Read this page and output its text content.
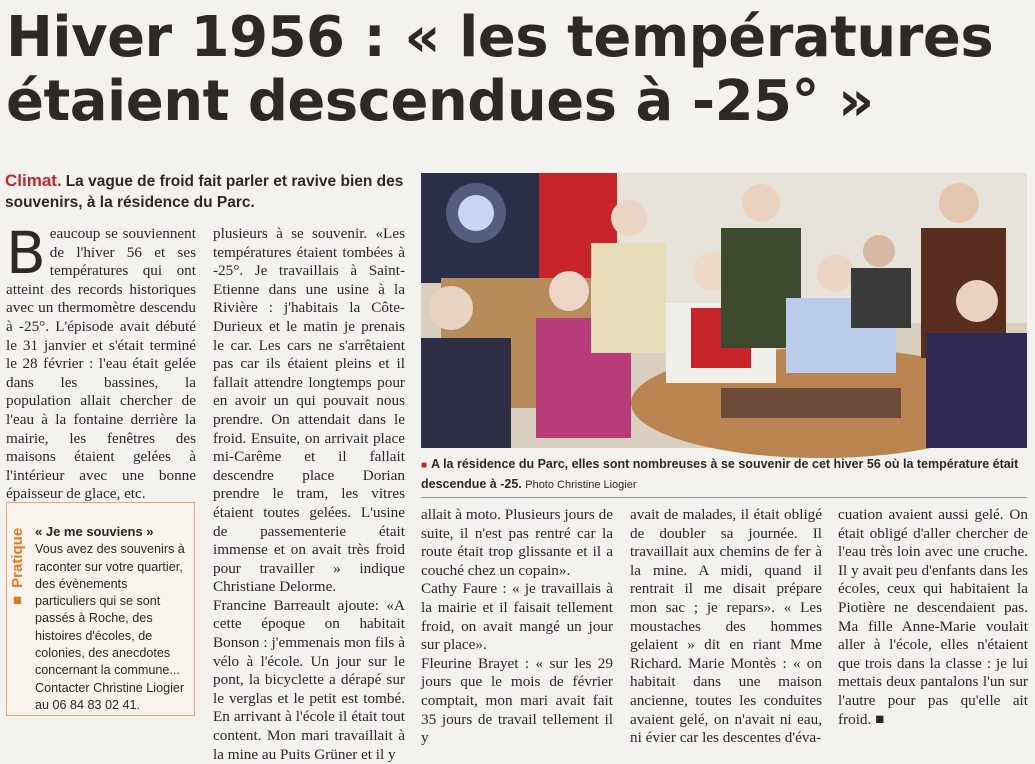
Hiver 1956 : « les températures
étaient descendues à -25° »
Climat. La vague de froid fait parler et ravive bien des souvenirs, à la résidence du Parc.
B eaucoup se souviennent de l'hiver 56 et ses températures qui ont atteint des records historiques avec un thermomètre descendu à -25°. L'épisode avait débuté le 31 janvier et s'était terminé le 28 février : l'eau était gelée dans les bassines, la population allait chercher de l'eau à la fontaine derrière la mairie, les fenêtres des maisons étaient gelées à l'intérieur avec une bonne épaisseur de glace, etc.

plusieurs à se souvenir. «Les températures étaient tombées à -25°. Je travaillais à Saint-Etienne dans une usine à la Rivière : j'habitais la Côte-Durieux et le matin je prenais le car. Les cars ne s'arrêtaient pas car ils étaient pleins et il fallait attendre longtemps pour en avoir un qui pouvait nous prendre. On attendait dans le froid. Ensuite, on arrivait place mi-Carême et il fallait descendre place Dorian prendre le tram, les vitres étaient toutes gelées. L'usine de passementerie était immense et on avait très froid pour travailler » indique Christiane Delorme.

Francine Barreault ajoute: «A cette époque on habitait Bonson : j'emmenais mon fils à vélo à l'école. Un jour sur le pont, la bicyclette a dérapé sur le verglas et le petit est tombé. En arrivant à l'école il était tout content. Mon mari travaillait à la mine au Puits Grüner et il y

■ A la résidence du Parc, elles sont nombreuses à se souvenir de cet hiver 56 où la température était descendue à -25. Photo Christine Liogier

allait à moto. Plusieurs jours de suite, il n'est pas rentré car la route était trop glissante et il a couché chez un copain».

Cathy Faure : « je travaillais à la mairie et il faisait tellement froid, on avait mangé un jour sur place».

Fleurine Brayet : « sur les 29 jours que le mois de février comptait, mon mari avait fait 35 jours de travail tellement il y

avait de malades, il était obligé de doubler sa journée. Il travaillait aux chemins de fer à la mine. A midi, quand il rentrait il me disait prépare mon sac ; je repars». « Les moustaches des hommes gelaient » dit en riant Mme Richard. Marie Montès : « on habitait dans une maison ancienne, toutes les conduites avaient gelé, on n'avait ni eau, ni évier car les descentes d'éva-

cuation avaient aussi gelé. On était obligé d'aller chercher de l'eau très loin avec une cruche. Il y avait peu d'enfants dans les écoles, ceux qui habitaient la Piotière ne descendaient pas. Ma fille Anne-Marie voulait aller à l'école, elles n'étaient que trois dans la classe : je lui mettais deux pantalons l'un sur l'autre pour pas qu'elle ait froid. ■

■ Pratique « Je me souviens »
Vous avez des souvenirs à raconter sur votre quartier, des évènements particuliers qui se sont passés à Roche, des histoires d'écoles, de colonies, des anecdotes concernant la commune... Contacter Christine Liogier au 06 84 83 02 41.
